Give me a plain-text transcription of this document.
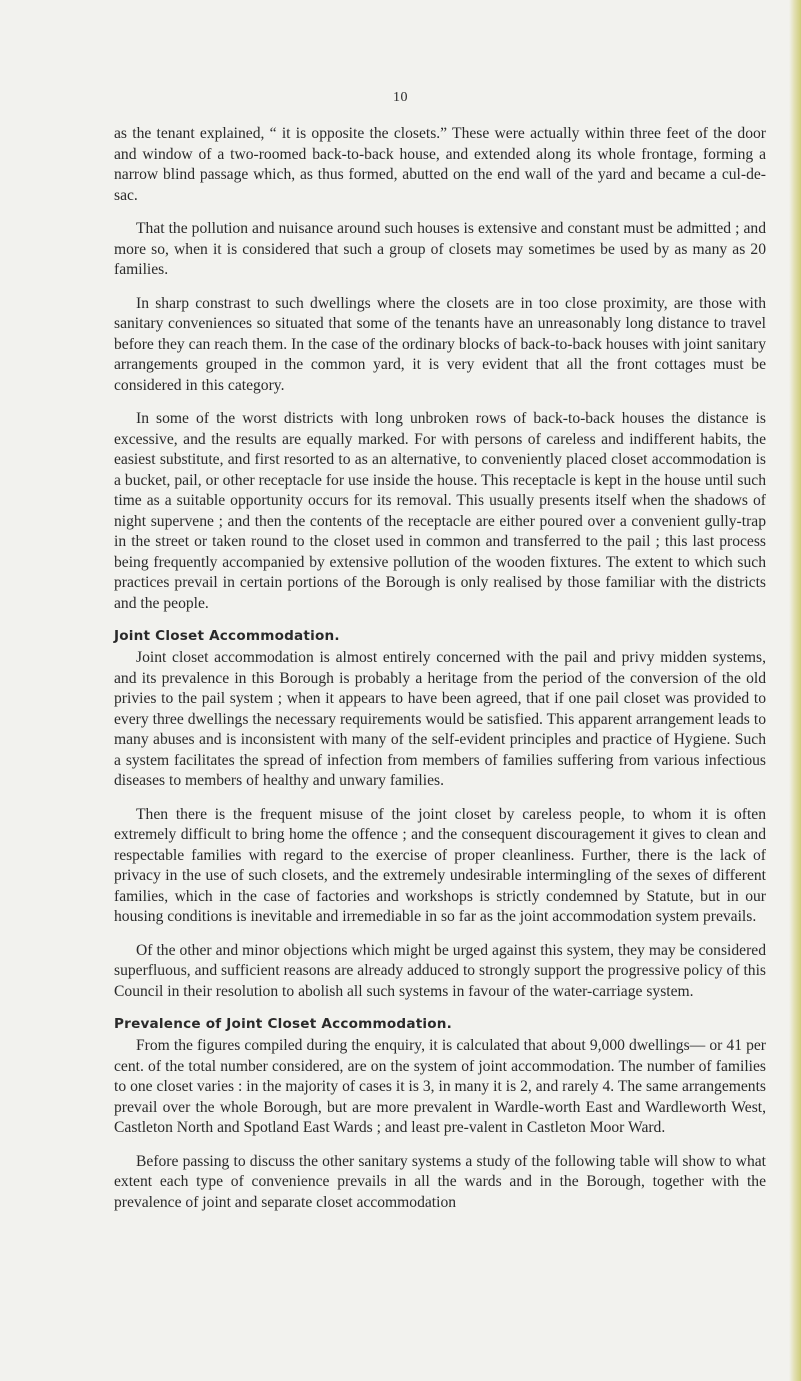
10

as the tenant explained, “ it is opposite the closets.” These were actually within three feet of the door and window of a two-roomed back-to-back house, and extended along its whole frontage, forming a narrow blind passage which, as thus formed, abutted on the end wall of the yard and became a cul-de-sac.

That the pollution and nuisance around such houses is extensive and constant must be admitted ; and more so, when it is considered that such a group of closets may sometimes be used by as many as 20 families.

In sharp constrast to such dwellings where the closets are in too close proximity, are those with sanitary conveniences so situated that some of the tenants have an unreasonably long distance to travel before they can reach them. In the case of the ordinary blocks of back-to-back houses with joint sanitary arrangements grouped in the common yard, it is very evident that all the front cottages must be considered in this category.

In some of the worst districts with long unbroken rows of back-to-back houses the distance is excessive, and the results are equally marked. For with persons of careless and indifferent habits, the easiest substitute, and first resorted to as an alternative, to conveniently placed closet accommodation is a bucket, pail, or other receptacle for use inside the house. This receptacle is kept in the house until such time as a suitable opportunity occurs for its removal. This usually presents itself when the shadows of night supervene ; and then the contents of the receptacle are either poured over a convenient gully-trap in the street or taken round to the closet used in common and transferred to the pail ; this last process being frequently accompanied by extensive pollution of the wooden fixtures. The extent to which such practices prevail in certain portions of the Borough is only realised by those familiar with the districts and the people.

Joint Closet Accommodation.

Joint closet accommodation is almost entirely concerned with the pail and privy midden systems, and its prevalence in this Borough is probably a heritage from the period of the conversion of the old privies to the pail system ; when it appears to have been agreed, that if one pail closet was provided to every three dwellings the necessary requirements would be satisfied. This apparent arrangement leads to many abuses and is inconsistent with many of the self-evident principles and practice of Hygiene. Such a system facilitates the spread of infection from members of families suffering from various infectious diseases to members of healthy and unwary families.

Then there is the frequent misuse of the joint closet by careless people, to whom it is often extremely difficult to bring home the offence ; and the consequent discouragement it gives to clean and respectable families with regard to the exercise of proper cleanliness. Further, there is the lack of privacy in the use of such closets, and the extremely undesirable intermingling of the sexes of different families, which in the case of factories and workshops is strictly condemned by Statute, but in our housing conditions is inevitable and irremediable in so far as the joint accommodation system prevails.

Of the other and minor objections which might be urged against this system, they may be considered superfluous, and sufficient reasons are already adduced to strongly support the progressive policy of this Council in their resolution to abolish all such systems in favour of the water-carriage system.

Prevalence of Joint Closet Accommodation.

From the figures compiled during the enquiry, it is calculated that about 9,000 dwellings— or 41 per cent. of the total number considered, are on the system of joint accommodation. The number of families to one closet varies : in the majority of cases it is 3, in many it is 2, and rarely 4. The same arrangements prevail over the whole Borough, but are more prevalent in Wardle-worth East and Wardleworth West, Castleton North and Spotland East Wards ; and least pre-valent in Castleton Moor Ward.

Before passing to discuss the other sanitary systems a study of the following table will show to what extent each type of convenience prevails in all the wards and in the Borough, together with the prevalence of joint and separate closet accommodation
